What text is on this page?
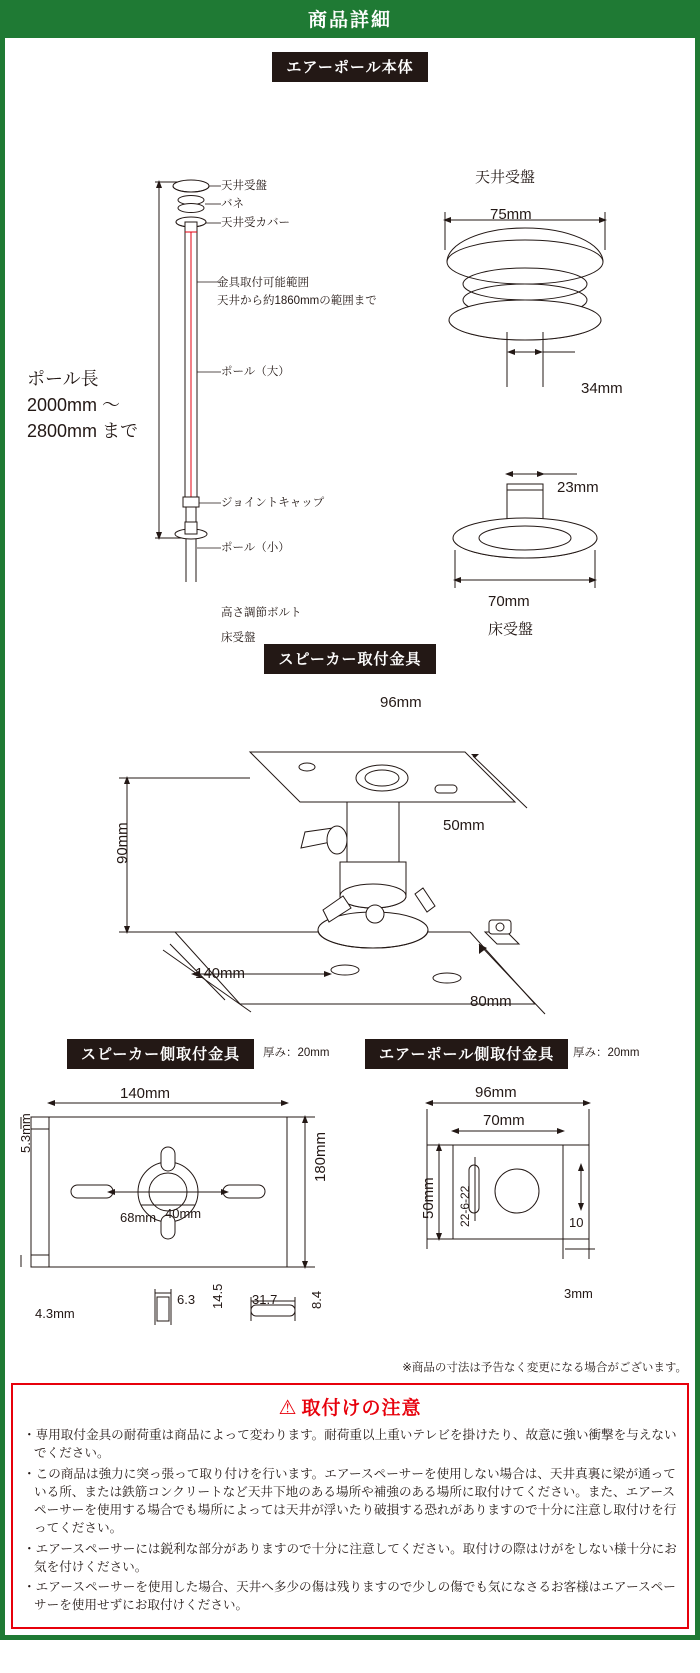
商品詳細
エアーポール本体
ポール長
2000mm ～
2800mm まで
天井受盤
バネ
天井受カバー
金具取付可能範囲
天井から約1860mmの範囲まで
ポール（大）
ジョイントキャップ
ポール（小）
天井受盤
75mm
34mm
23mm
70mm
床受盤
高さ調節ボルト
床受盤
スピーカー取付金具
96mm
50mm
90mm
140mm
80mm
スピーカー側取付金具	厚み：20mm	エアーポール側取付金具	厚み：20mm
140mm
5.3mm
4.3mm
180mm
68mm 40mm
6.3 14.5 31.7 8.4
96mm
70mm
50mm 22-6-22	10
3mm
※商品の寸法は予告なく変更になる場合がございます。
⚠ 取付けの注意
・ 専用取付金具の耐荷重は商品によって変わります。耐荷重以上重いテレビを掛けたり、故意に強い衝撃を与えないでください。
・ この商品は強力に突っ張って取り付けを行います。エアースペーサーを使用しない場合は、天井真裏に梁が通っている所、または鉄筋コンクリートなど天井下地のある場所や補強のある場所に取付けてください。また、エアースペーサーを使用する場合でも場所によっては天井が浮いたり破損する恐れがありますので十分に注意し取付けを行ってください。
・ エアースペーサーには鋭利な部分がありますので十分に注意してください。取付けの際はけがをしない様十分にお気を付けください。
・ エアースペーサーを使用した場合、天井へ多少の傷は残りますので少しの傷でも気になさるお客様はエアースペーサーを使用せずにお取付けください。
